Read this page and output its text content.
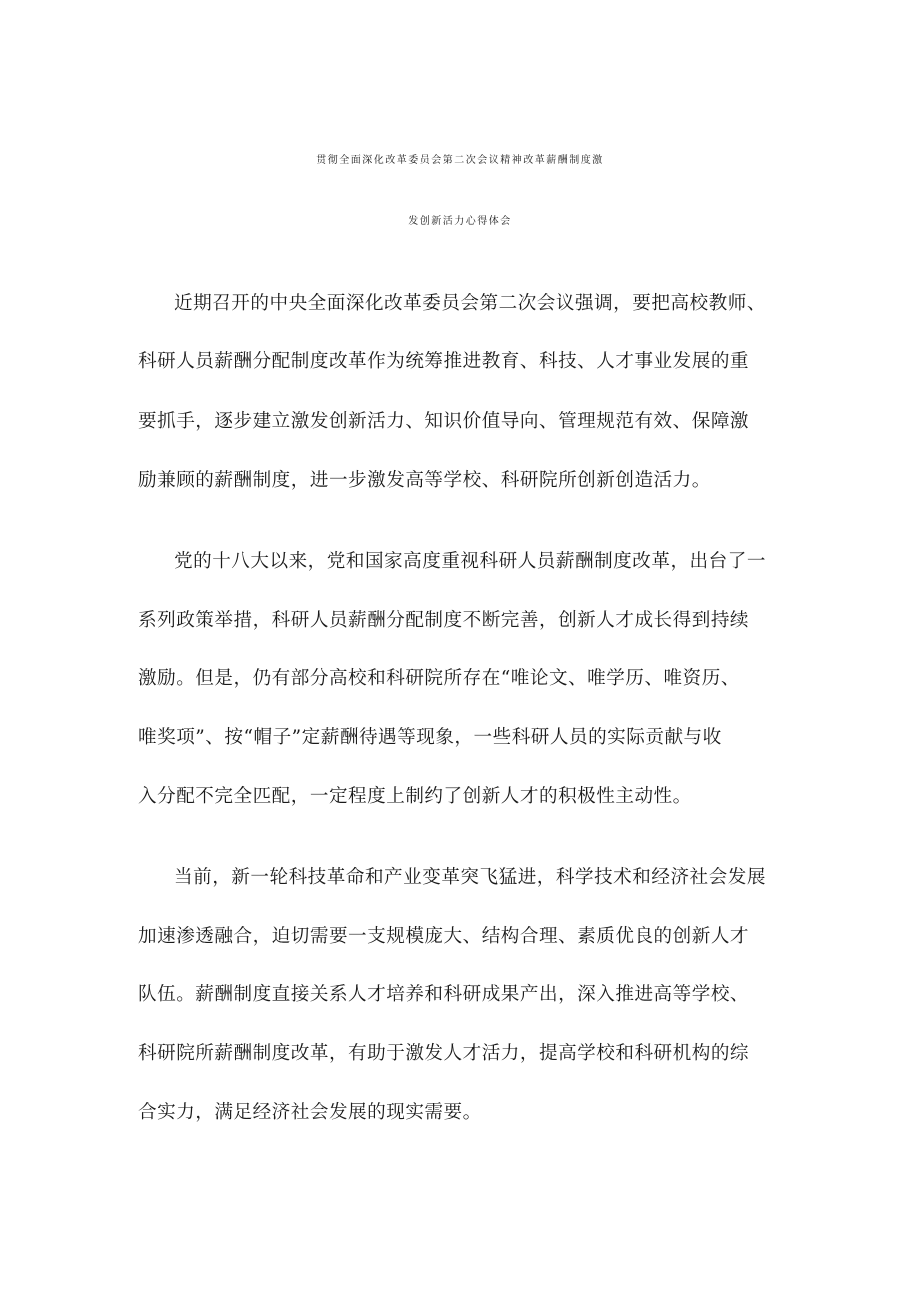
贯彻全面深化改革委员会第二次会议精神改革薪酬制度激
发创新活力心得体会
近期召开的中央全面深化改革委员会第二次会议强调，要把高校教师、
科研人员薪酬分配制度改革作为统筹推进教育、科技、人才事业发展的重
要抓手，逐步建立激发创新活力、知识价值导向、管理规范有效、保障激
励兼顾的薪酬制度，进一步激发高等学校、科研院所创新创造活力。
党的十八大以来，党和国家高度重视科研人员薪酬制度改革，出台了一
系列政策举措，科研人员薪酬分配制度不断完善，创新人才成长得到持续
激励。但是，仍有部分高校和科研院所存在“唯论文、唯学历、唯资历、
唯奖项”、按“帽子”定薪酬待遇等现象，一些科研人员的实际贡献与收
入分配不完全匹配，一定程度上制约了创新人才的积极性主动性。
当前，新一轮科技革命和产业变革突飞猛进，科学技术和经济社会发展
加速渗透融合，迫切需要一支规模庞大、结构合理、素质优良的创新人才
队伍。薪酬制度直接关系人才培养和科研成果产出，深入推进高等学校、
科研院所薪酬制度改革，有助于激发人才活力，提高学校和科研机构的综
合实力，满足经济社会发展的现实需要。
